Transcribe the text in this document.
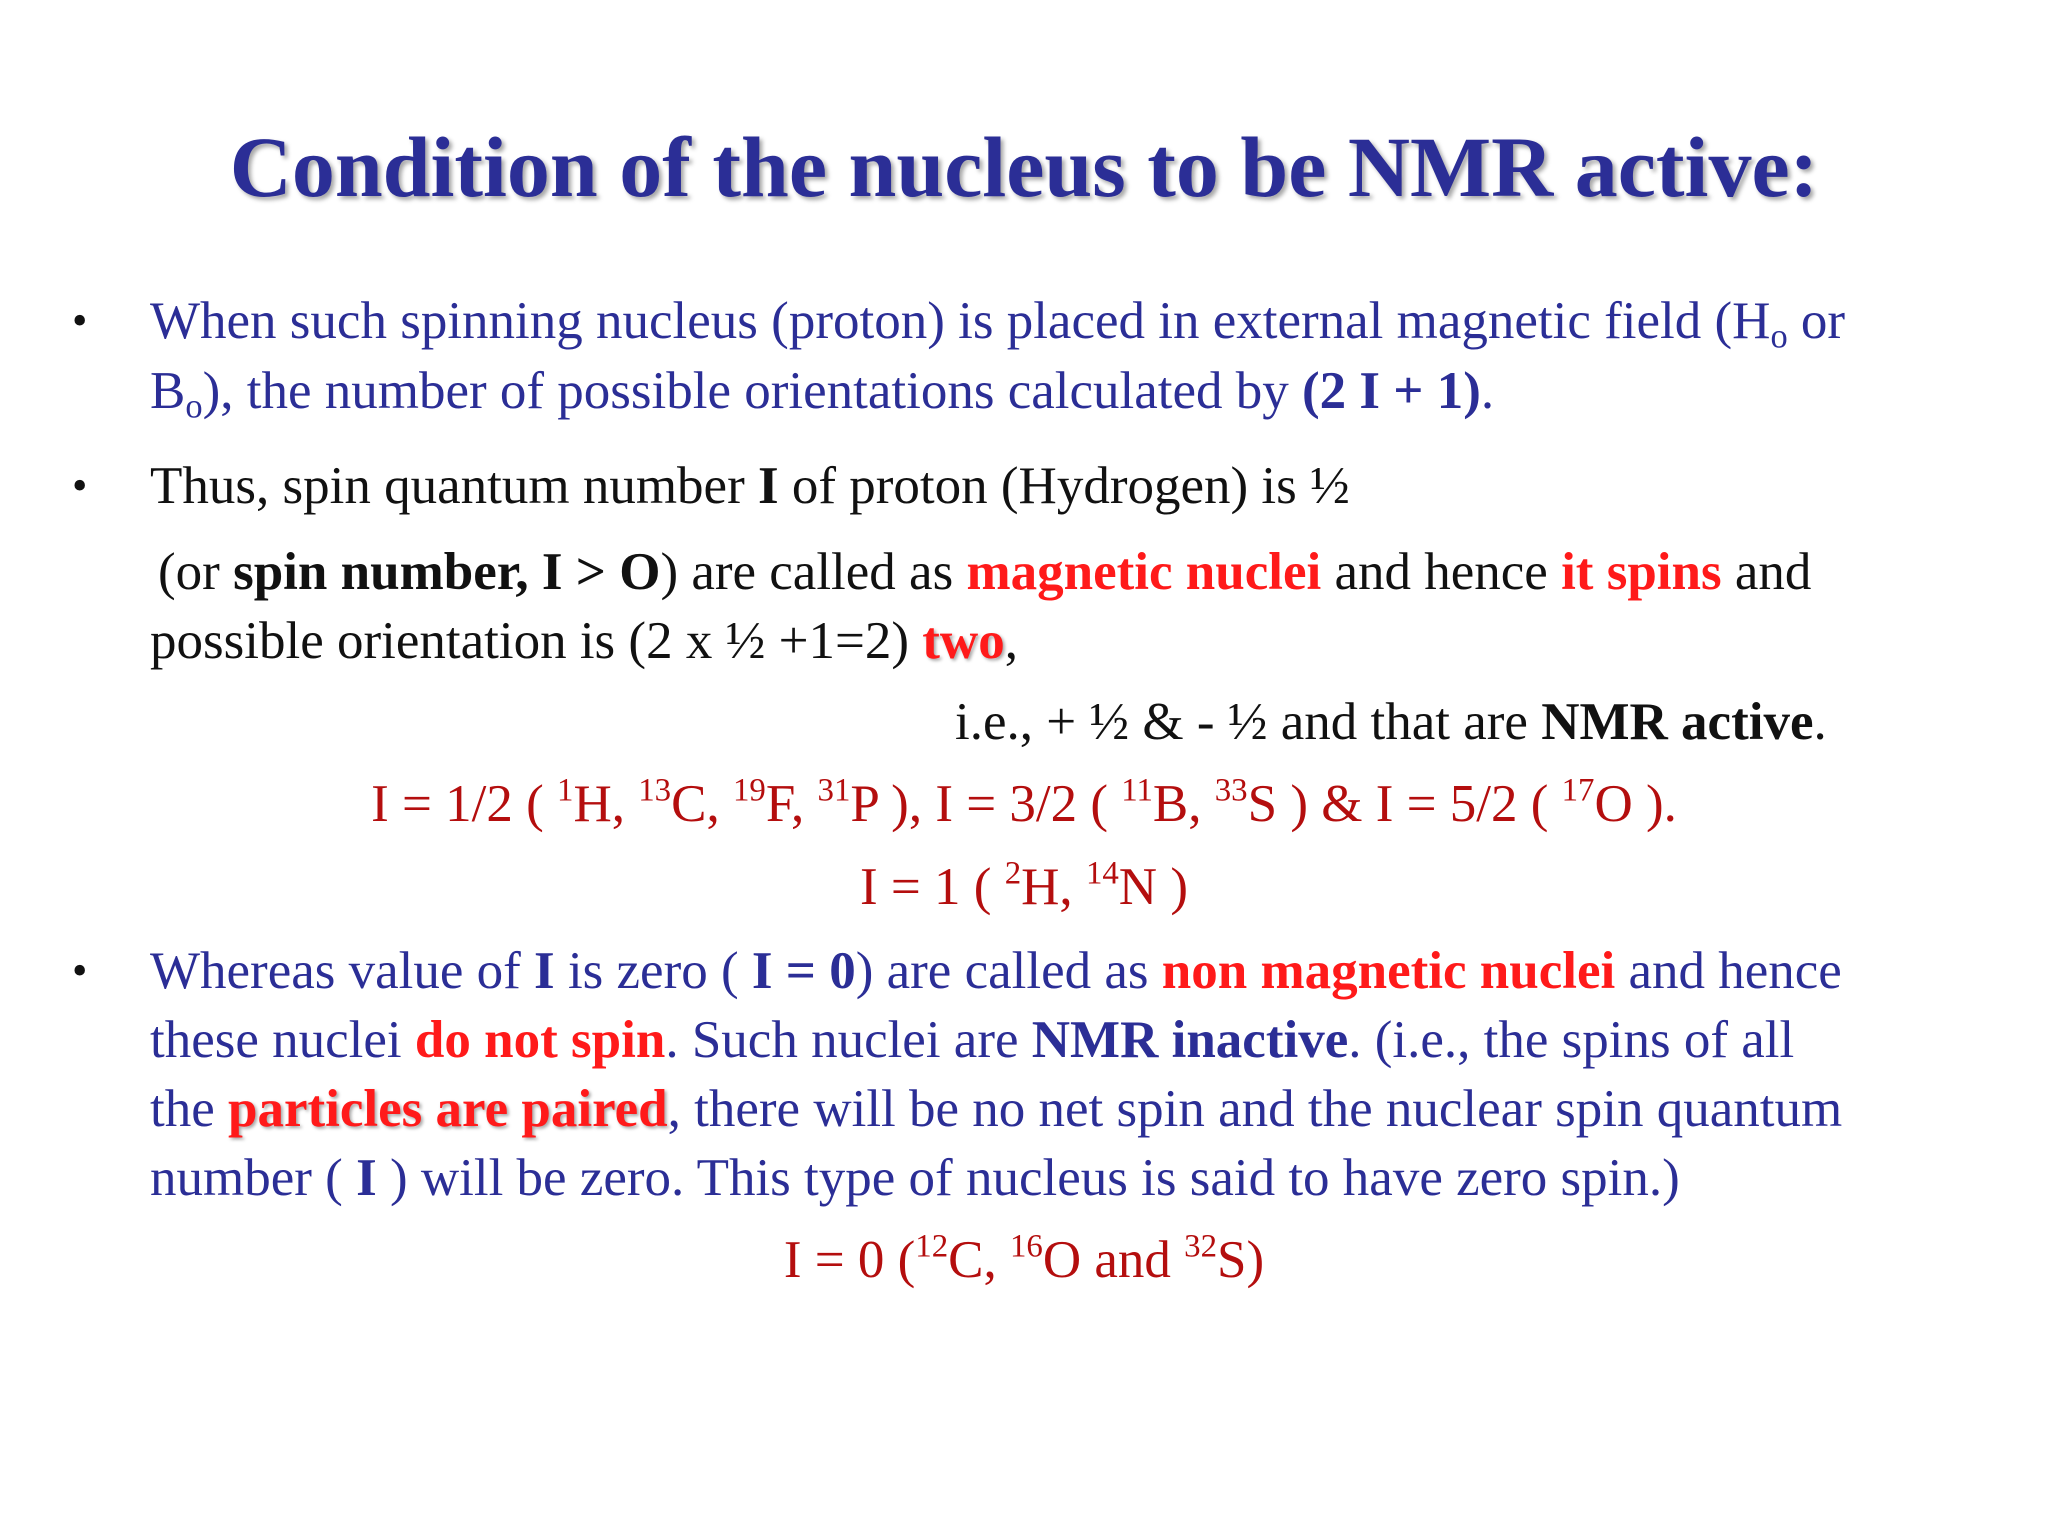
Condition of the nucleus to be NMR active:
• When such spinning nucleus (proton) is placed in external magnetic field ($H_o$ or
$B_o$), the number of possible orientations calculated by (2 I + 1).
• Thus, spin quantum number I of proton (Hydrogen) is ½
(or spin number, I > O) are called as magnetic nuclei and hence it spins and
possible orientation is (2 x ½ +1=2) two,
i.e., + ½ & - ½ and that are NMR active.
I = 1/2 ( $^1$H, $^{13}$C, $^{19}$F, $^{31}$P ), I = 3/2 ( $^{11}$B, $^{33}$S ) & I = 5/2 ( $^{17}$O ).
I = 1 ( $^2$H, $^{14}$N )
• Whereas value of I is zero ( I = 0) are called as non magnetic nuclei and hence
these nuclei do not spin. Such nuclei are NMR inactive. (i.e., the spins of all
the particles are paired, there will be no net spin and the nuclear spin quantum
number ( I ) will be zero. This type of nucleus is said to have zero spin.)
I = 0 ($^{12}$C, $^{16}$O and $^{32}$S)
